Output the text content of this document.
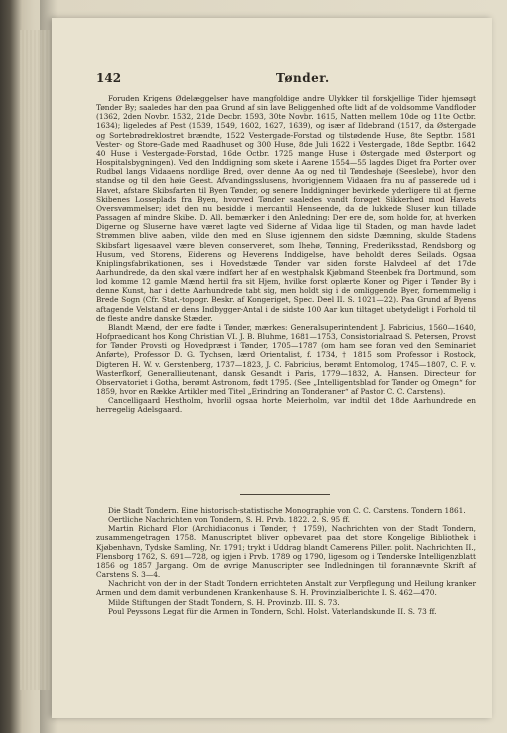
142	Tønder.

Foruden Krigens Ødelæggelser have mangfoldige andre Ulykker til forskjellige Tider hjemsøgt Tønder By; saaledes har den paa Grund af sin lave Beliggenhed ofte lidt af de voldsomme Vandfloder (1362, 2den Novbr. 1532, 21de Decbr. 1593, 30te Novbr. 1615, Natten mellem 10de og 11te Octbr. 1634); ligeledes af Pest (1539, 1549, 1602, 1627, 1639), og især af Ildebrand (1517, da Østergade og Sortebrødreklostret brændte, 1522 Vestergade-Forstad og tilstødende Huse, 8te Septbr. 1581 Vester- og Store-Gade med Raadhuset og 300 Huse, 8de Juli 1622 i Vestergade, 18de Septbr. 1642 40 Huse i Vestergade-Forstad, 16de Octbr. 1725 mange Huse i Østergade med Østerport og Hospitalsbygningen). Ved den Inddigning som skete i Aarene 1554—55 lagdes Diget fra Porter over Rudbøl langs Vidaaens nordlige Bred, over denne Aa og ned til Tøndeshøje (Seeslebe), hvor den standse og til den høie Geest. Afvandingsslusens, hvorigjennem Vidaaen fra nu af passerede ud i Havet, afstare Skibsfarten til Byen Tønder, og senere Inddigninger bevirkede yderligere til at fjerne Skibenes Losseplads fra Byen, hvorved Tønder saaledes vandt forøget Sikkerhed mod Havets Oversvømmelser; idet den nu besidde i mercantil Henseende, da de lukkede Sluser kun tillade Passagen af mindre Skibe. D. All. bemærker i den Anledning: Der ere de, som holde for, at hverken Digerne og Sluserne have været lagte ved Siderne af Vidaa lige til Staden, og man havde ladet Strømmen blive aaben, vilde den med en Sluse igjennem den sidste Dæmning, skulde Stadens Skibsfart ligesaavel være bleven conserveret, som Ihehø, Tønning, Frederiksstad, Rendsborg og Husum, ved Storens, Eiderens og Heverens Inddigelse, have beholdt deres Seilads. Ogsaa Kniplingsfabrikationen, ses i Hovedstæde Tønder var siden forste Halvdeel af det 17de Aarhundrede, da den skal være indført her af en westphalsk Kjøbmand Steenbek fra Dortmund, som lod komme 12 gamle Mænd hertil fra sit Hjem, hvilke forst oplærte Koner og Piger i Tønder By i denne Kunst, har i dette Aarhundrede tabt sig, men holdt sig i de omliggende Byer, fornemmelig i Brede Sogn (Cfr. Stat.-topogr. Beskr. af Kongeriget, Spec. Deel II. S. 1021—22). Paa Grund af Byens aftagende Velstand er dens Indbygger-Antal i de sidste 100 Aar kun tiltaget ubetydeligt i Forhold til de fleste andre danske Stæder.

Blandt Mænd, der ere fødte i Tønder, mærkes: Generalsuperintendent J. Fabricius, 1560—1640, Hofpraedicant hos Kong Christian VI. J. B. Bluhme, 1681—1753, Consistorialraad S. Petersen, Provst for Tønder Provsti og Hovedpræst i Tønder, 1705—1787 (om ham see foran ved den Seminariet Anførte), Professor D. G. Tychsen, lærd Orientalist, f. 1734, † 1815 som Professor i Rostock, Digteren H. W. v. Gerstenberg, 1737—1823, J. C. Fabricius, berømt Entomolog, 1745—1807, C. F. v. Wasterfkorf, Generallieutenant, dansk Gesandt i Paris, 1779—1832, A. Hansen. Directeur for Observatoriet i Gotha, berømt Astronom, født 1795. (See „Intelligentsblad for Tønder og Omegn“ for 1859, hvor en Række Artikler med Titel „Erindring an Tonderaner“ af Pastor C. C. Carstens).

Cancelligaard Hestholm, hvorlil ogsaa horte Meierholm, var indtil det 18de Aarhundrede en herregelig Adelsgaard.

Die Stadt Tondern. Eine historisch-statistische Monographie von C. C. Carstens. Tondern 1861.

Oertliche Nachrichten von Tondern, S. H. Prvb. 1822. 2. S. 95 ff.

Martin Richard Flor (Archidiaconus i Tønder, † 1759), Nachrichten von der Stadt Tondern, zusammengetragen 1758. Manuscriptet bliver opbevaret paa det store Kongelige Bibliothek i Kjøbenhavn, Tydske Samling, Nr. 1791; trykt i Uddrag blandt Camerens Piller. polit. Nachrichten II., Flensborg 1762, S. 691—728, og igjen i Prvb. 1789 og 1790, ligesom og i Tønderske Intelligenzblatt 1856 og 1857 Jargang. Om de øvrige Manuscripter see Indledningen til forannævnte Skrift af Carstens S. 3—4.

Nachricht von der in der Stadt Tondern errichteten Anstalt zur Verpflegung und Heilung kranker Armen und dem damit verbundenen Krankenhause S. H. Provinzialberichte I. S. 462—470.

Milde Stiftungen der Stadt Tondern, S. H. Provinzb. III. S. 73.

Poul Peyssons Legat für die Armen in Tondern, Schl. Holst. Vaterlandskunde II. S. 73 ff.
